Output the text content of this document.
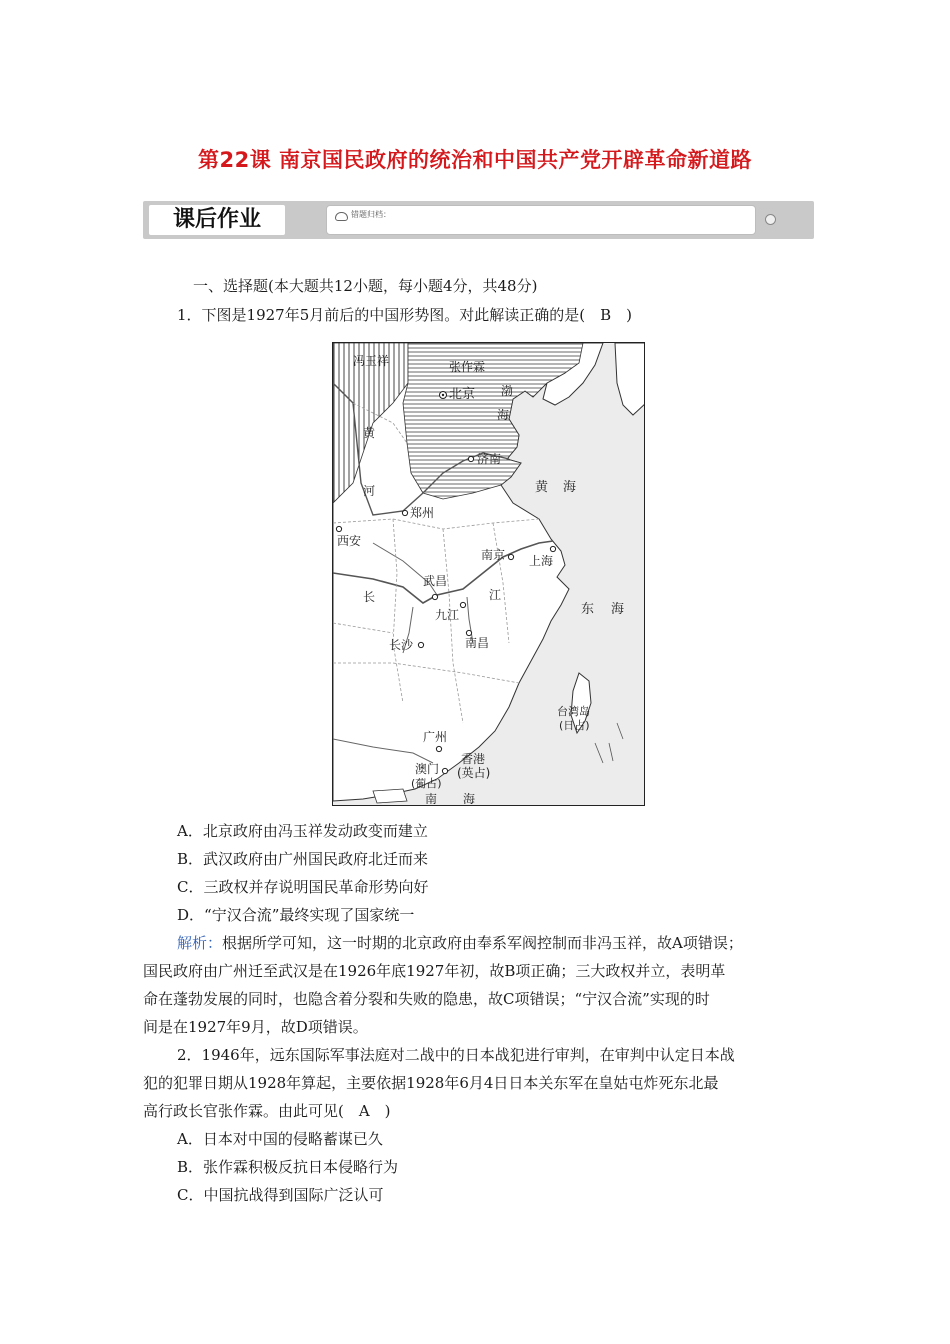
第22课 南京国民政府的统治和中国共产党开辟革命新道路
课后作业	错题归档：
一、选择题(本大题共12小题，每小题4分，共48分)
1．下图是1927年5月前后的中国形势图。对此解读正确的是(　B　)
冯玉祥	张作霖
北京 渤
海
黄
河
济南
黄 海
郑州
西安
南京 上海
武昌
长	江
九江	东 海
长沙	南昌
台湾岛
(日占)
广州
香港
(英占)
澳门
(葡占)
南 海
A．北京政府由冯玉祥发动政变而建立
B．武汉政府由广州国民政府北迁而来
C．三政权并存说明国民革命形势向好
D．“宁汉合流”最终实现了国家统一
解析：根据所学可知，这一时期的北京政府由奉系军阀控制而非冯玉祥，故A项错误；
国民政府由广州迁至武汉是在1926年底1927年初，故B项正确；三大政权并立，表明革
命在蓬勃发展的同时，也隐含着分裂和失败的隐患，故C项错误；“宁汉合流”实现的时
间是在1927年9月，故D项错误。
2．1946年，远东国际军事法庭对二战中的日本战犯进行审判，在审判中认定日本战
犯的犯罪日期从1928年算起，主要依据1928年6月4日日本关东军在皇姑屯炸死东北最
高行政长官张作霖。由此可见(　A　)
A．日本对中国的侵略蓄谋已久
B．张作霖积极反抗日本侵略行为
C．中国抗战得到国际广泛认可
